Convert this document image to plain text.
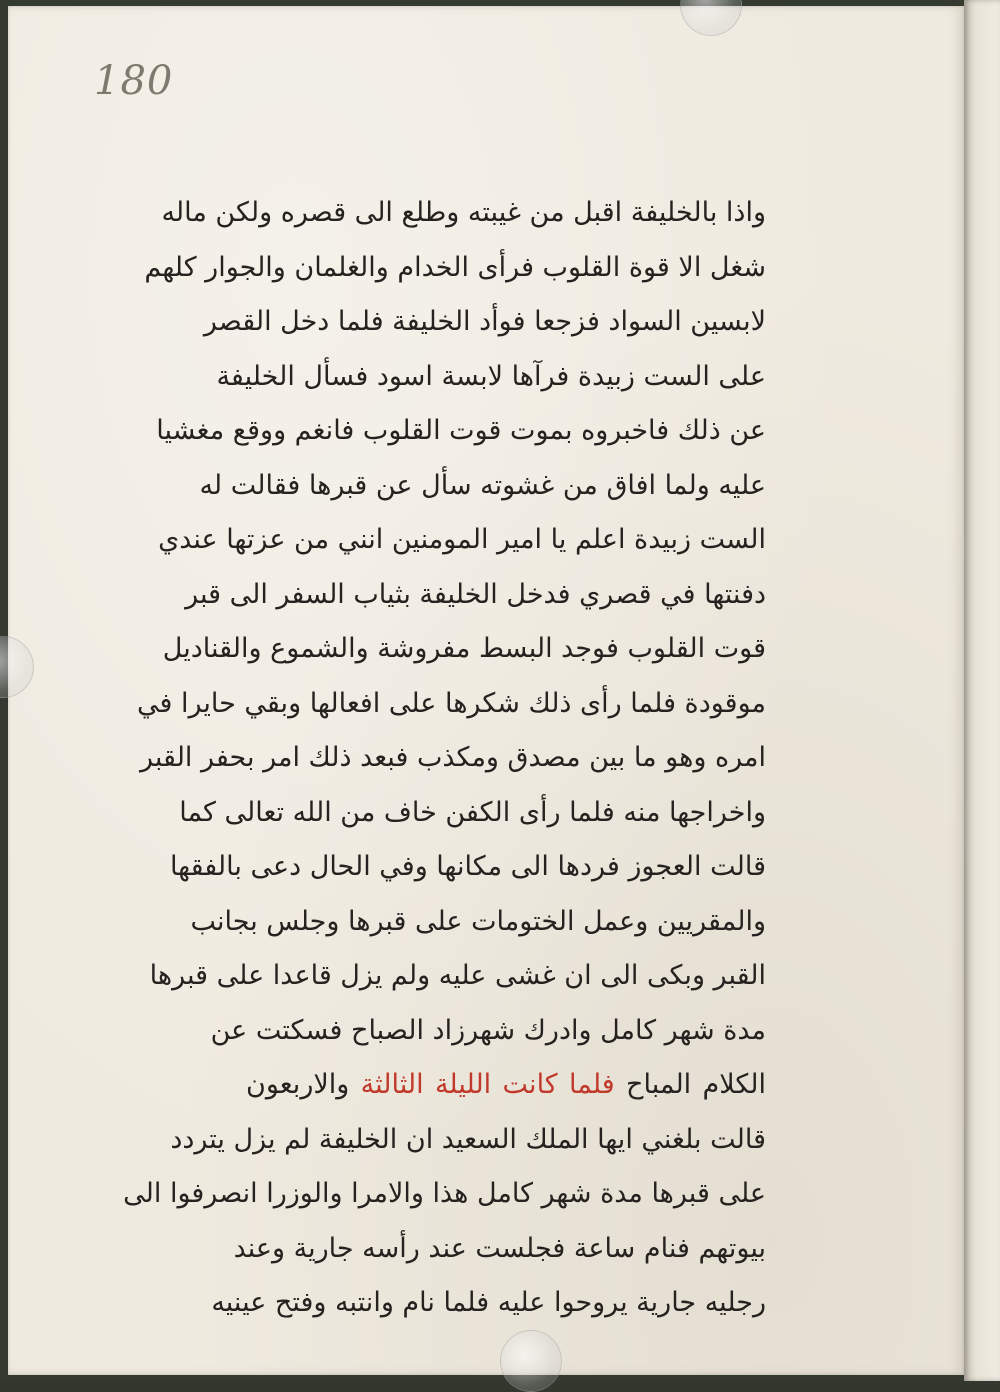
180
واذا بالخليفة اقبل من غيبته وطلع الى قصره ولكن ماله
شغل الا قوة القلوب فرأى الخدام والغلمان والجوار كلهم
لابسين السواد فزجعا فوأد الخليفة فلما دخل القصر
على الست زبيدة فرآها لابسة اسود فسأل الخليفة
عن ذلك فاخبروه بموت قوت القلوب فانغم ووقع مغشيا
عليه ولما افاق من غشوته سأل عن قبرها فقالت له
الست زبيدة اعلم يا امير المومنين انني من عزتها عندي
دفنتها في قصري فدخل الخليفة بثياب السفر الى قبر
قوت القلوب فوجد البسط مفروشة والشموع والقناديل
موقودة فلما رأى ذلك شكرها على افعالها وبقي حايرا في
امره وهو ما بين مصدق ومكذب فبعد ذلك امر بحفر القبر
واخراجها منه فلما رأى الكفن خاف من الله تعالى كما
قالت العجوز فردها الى مكانها وفي الحال دعى بالفقها
والمقريين وعمل الختومات على قبرها وجلس بجانب
القبر وبكى الى ان غشى عليه ولم يزل قاعدا على قبرها
مدة شهر كامل وادرك شهرزاد الصباح فسكتت عن
الكلام المباح فلما كانت الليلة الثالثة والاربعون
قالت بلغني ايها الملك السعيد ان الخليفة لم يزل يتردد
على قبرها مدة شهر كامل هذا والامرا والوزرا انصرفوا الى
بيوتهم فنام ساعة فجلست عند رأسه جارية وعند
رجليه جارية يروحوا عليه فلما نام وانتبه وفتح عينيه
